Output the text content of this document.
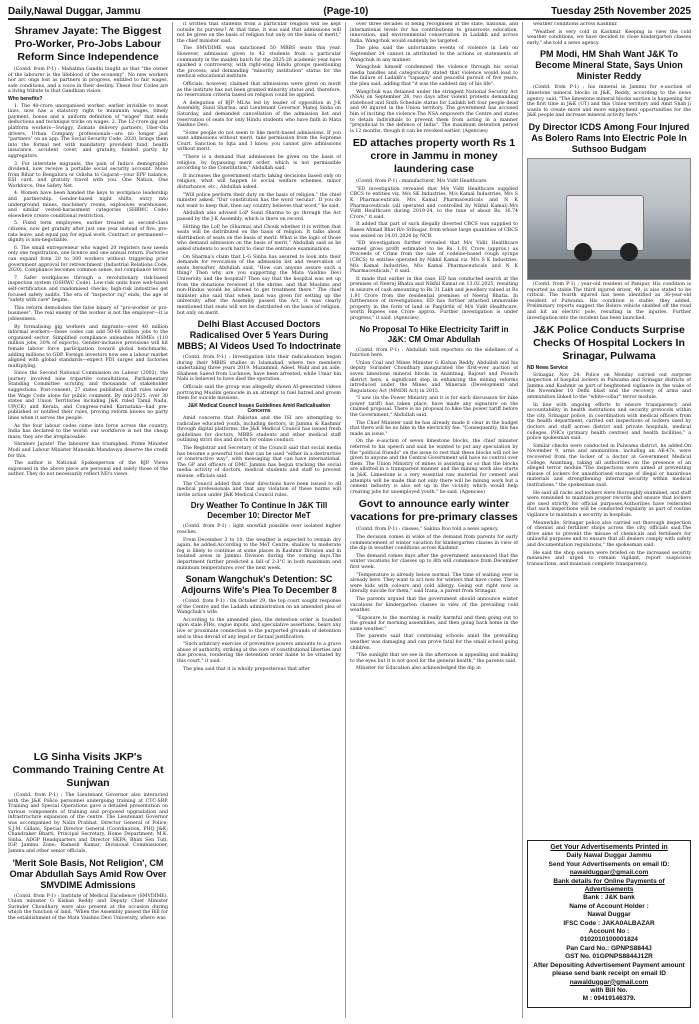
Daily,Nawal Duggar, Jammu	(Page-10)	Tuesday 25th November 2025
Shramev Jayate: The Biggest Pro-Worker, Pro-Jobs Labour Reform Since Independence

(Contd. from P-1) : Mahatma Gandhi taught us that "the owner of the labourer is the lifeblood of the economy". No new workers nor arc ongs lost as partners in progress, entitled to fair wages, safe conditions, and a voice in their destiny. These four Codes are a living tribute to that Gandhian vision.

Who benefits?

1. The 40-crore unorganised worker: earlier invisible to most laws, now has a statutory right to minimum wages, timely payment, bonus and a uniform definition of "wages" that ends deductions and technique tricks on wages. 2. The 12-crore gig and platform workers—Swiggy, Zomato delivery partners, Uber-Ola drivers, Urban Company professionals—are no longer just "partners" on an app. The Social Security Code, 2020, brings them into the formal net with mandatory provident fund, health insurance, accident cover, and gratuity, funded partly by aggregators.

3. For interstate migrants, the pain of India's demographic dividend, now receive a portable social security account. Move from Bihar to Bengaluru or Odisha to Gujarat—your EPF balance, ESI card, and gratuity travel with you. One Nation, One Workforce, One Safety Net.

4. Women have been handed the keys to workplace leadership and partnership. Gender-based night shifts, entry into underground mines, machinery rooms, explosives warehouses, and similar vested-harassment categories (SHRWC Code) elsewhere create conditional restriction.

5. Fixed term employees, earlier treated as second-class citizens, now get gratuity after just one year instead of five, pro-rata leave, and equal pay for equal work. Contract or permanent—dignity is non-negotiable.

6. The small entrepreneur who waged 20 registers now needs only one registration, one licence and one annual return. Factories can expand from 20 to 300 workers without triggering prior government approval for retrenchment (Industrial Relations Code, 2020). Compliance becomes common sense, not compliance terror.

7. Safer workplaces through a revolutionary risk-based inspection system (OSHWC Code). Low-risk units have web-based self-certification and randomised checks; high-risk industries get focused safety audits. The era of "inspector raj" ends; the age of "safety with care" begins.

This reform demolishes the false binary of "pro-worker or pro-business". The real enemy of the worker is not the employer—it is joblessness.

By formalising gig workers and migrants—over 40 million informal workers—these codes can add 50-60 million jobs to the organised sector. Simplified compliance unleashes MSMEs (110 million jobs, 30% of exports). Gender-inclusive provisions will hit female labour force participation toward global benchmarks, adding millions to GDP. Foreign investors now see a labour market aligned with global standards—expect FDI surges and factories multiplying.

Since the Second National Commission on Labour (2002), the journey involved nine tripartite consultations, Parliamentary Standing Committee scrutiny, and thousands of stakeholder suggestions. Post-consent, 27 states published draft rules under the Wage Code alone for public comment. By mid-2025, over 30 states and Union Territories including J&K ruled Tamil Nadu, UP(CK) and Kerala, and Congress-ruled Karnataka—had pre-published or notified their rules, proving reform knows no party lines when it serves the people.

As the four labour codes come into force across the country, India has declared to the world: our workforce is not the cheap mass; they are the irreplaceable.

Shramev Jayate! The labourer has triumphed. Prime Minister Modi and Labour Minister Mansukh Mandaviya deserve the credit for this.

The author is National Spokesperson of the BJP. Views expressed in the above piece are personal and solely those of the author. They do not necessarily reflect ND's views.

LG Sinha Visits JKP's Commando Training Centre At Sunjwan

(Contd. from P-1) : The Lieutenant Governor also interacted with the J&K Police personnel undergoing training at CTC-SRP. Training and Special Operations gave a detailed presentation on various components of training and proposed upgradation and infrastructure expansion of the centre. The Lieutenant Governor was accompanied by Nalin Prabhat, Director General of Police; S.J.M. Gillani, Special Director General (Coordination, PHQ J&K; Chandraker Bharti, Principal Secretary, Home Department; M.K. Sinha, ADGP Headquarters and Director SKPA; Bhim Sen Tuti, IGP, Jammu Zone; Ramesh Kumar, Divisional Commissioner, Jammu and other senior officials.

'Merit Sole Basis, Not Religion', CM Omar Abdullah Says Amid Row Over SMVDIME Admissions

(Contd. from P-1) : Institute of Medical Excellence (SMVDIME). Union minister G Kishan Reddy and Deputy Chief Minister Surinder Choudhary were also present at the occasion during which the function of land. "When the Assembly passed the Bill for the establishment of the Mata Vaishno Devi University, where was

it written that students from a particular religion will be kept outside its purview? At that time, it was said that admissions will not be given on the basis of religion but only on the basis of merit," the chief minister said.

The SMVDIME was sanctioned 50 MBBS seats this year. However, admission given to 42 students from a particular community in the maiden batch for the 2025-26 academic year have sparked a controversy, with right-wing Hindu groups questioning the process, and demanding "minority institution" status for the medical educational institute.

Officials, however, claimed that admissions were given on merit as the institute has not been granted minority status and, therefore, no reservation criteria based on religion could be applied.

A delegation of BJP MLAs led by leader of opposition in J-K Assembly, Sunil Sharma, and Lieutenant Governor Manoj Sinha on Saturday, and demanded cancellation of the admission list and reservation of seats for only Hindu students who have faith in Mata Vaishno Devi.

"Some people do not seem to like merit-based admissions. If you want admissions without merit, take permission from the Supreme Court. Sanction to Iqta and I know, you cannot give admissions without merit.

"There is a demand that admissions be given on the basis of religion, by bypassing merit order, which is not permissible according to the Constitution," Abdullah said.

It increases the government starts taking decisions based only on religion, what will happen to social welfare schemes, minor disturbance, etc., Abdullah asked.

"Will police perform their duty on the basis of religion," the chief minister asked. "Our constitution has the word 'secular'. If you do not want to keep that, then say country believes that word," he said.

Abdullah also advised LoP Sunil Sharma to go through the Act passed by the J-K Assembly, which is there on record.

Hitting the LoP, he (Sharma) and Chouk whether it is written that seats will be distributed on the basis of religion. It talks about distribution of seats on the basis of merit. What is the logic of those who demand admission on the basis of merit," Abdullah said as he asked students to work hard to clear the entrance examinations.

On Sharma's claim that L-G Sinha has assured to look into their demands for revocation of the admission list and reservation of seats hereafter, Abdullah said, "How can anyone assure such a thing? Then why are you supporting the Mata Vaishno Devi University and the hospital? Then say that the hospital was set up from the donations received at the shrine, and that Muslims and non-Hindus would be allowed to get treatment there." The chief minister also said that when land was given for setting up the university after the Assembly passed the Act, it was clearly mentioned that seats will not be distributed on the basis of religion, but only on merit.

Delhi Blast Accused Doctors Radicalised Over 5 Years During MBBS; AI Videos Used To Indoctrinate

(Contd. from P-1) : Investigation into their radicalisation began during their MBBS studies in Islamabad, where two members undertaking three years 2019. Muzammil, Adeel, Wahi and an aide, Shaheen Saeed from Lucknow, have been arrested, while Umar bin Nabi is believed to have died the operation.

Officials said the group was allegedly shown AI-generated videos portraying Muslim genocide in an attempt to fuel hatred and groom them for suicide missions.

J&K Medical Council Issues Guidelines Amid Radicalisation Concerns

Amid concerns that Pakistan and the ISI are attempting to radicalise educated youth, including doctors, in Jammu & Kashmir through digital platforms, the J&K Medical Council has issued fresh guidelines for doctors, MBBS students and other medical staff outlining strict dos and don'ts for online conduct.

The Registrar and Secretary of the Council said that social media has become a powerful tool that can be used "either in a destructive or constructive way", with messaging that can have international. The GP and officers of DMC Jammu has begun tracking the social media activity of doctors, medical students and staff to prevent misuse, officials said.

The Council added that clear directions have been issued to all medical professionals and that any violation of these norms will invite action under J&K Medical Council rules.

Dry Weather To Continue In J&K Till December 10: Director MeT

(Contd. from P-1) : light snowfall possible over isolated higher reaches.

From December 3 to 10, the weather is expected to remain dry again, he added.According to the MeT Centre, shallow to moderate fog is likely to continue at some places in Kashmir Division and in isolated areas in Jammu Division during the coming days.The department further predicted a fall of 2-3°C in both maximum and minimum temperatures over the next week.

Sonam Wangchuk's Detention: SC Adjourns Wife's Plea To December 8

(Contd. from P-1) : On October 29, the top court sought response of the Centre and the Ladakh administration on an amended plea of Wangchuk's wife.

According to the amended plea, the detention order is founded upon stale FIRs, vague inputs, and speculative assertions, bears any live or proximate connection to the purported grounds of detention and is thus devoid of any legal or factual justification.

"Such arbitrary exercise of preventive powers amounts to a grave abuse of authority, striking at the core of constitutional liberties and due process, rendering the detention order liable to be vitiated by this court," it said.

The plea said that it is wholly preposterous that after

over three decades of being recognised at the state, national, and international levels for his contributions to grassroots education, innovation, and environmental conservation in Ladakh and across India, Wangchuk would suddenly be targeted.

The plea said the unfortunate events of violence in Leh on September 24 cannot in attributed to the actions or statements of Wangchuk in any manner.

Wangchuk himself condemned the violence through his social media handles and categorically stated that violence would lead to the failure of Ladakh's "tapasya" and peaceful pursuit of five years, the plea said, adding that "it was the saddest day of his life".

Wangchuk was detained under the stringent National Security Act (NSA) on September 26, two days after violent protests demanding statehood and Sixth Schedule status for Ladakh left four people dead and 90 injured in the Union territory. The government has accused him of inciting the violence.The NSA empowers the Centre and states to detain individuals to prevent them from acting in a manner "prejudicial to the defence of India". The maximum detention period is 12 months, though it can be revoked earlier. (Agencies)

ED attaches property worth Rs 1 crore in Jammu in money laundering case

(Contd. from P-1) : manufacturer, M/s Vidit Healthcare.

"ED investigation revealed that M/s Vidit Healthcare supplied CBCS to entities viz. M/s SK Industries, M/s Kamal Industries, M/s S K Pharmaceuticals, M/s Kamal Pharmaceuticals and N K Pharmaceuticals (all operated and controlled by Nikhil Kamal).M/s Vidit Healthcare during 2019-24, to the tune of about Rs. 16.74 Crore," it said.

It added that part of such illegally diverted CBCS was supplied to Raees Ahmad Bhat R/o Srinagar, from whose large quantities of CBCS was seized on 14.01.2024 by NCB.

"ED investigation further revealed that M/s Vidit Healthcare earned gross profit estimated to be Rs. 1.01 Crore (approx.) as Proceeds of Crime from the sale of codeine-based cough syrups (CBCS) to entities operated by Nikhil Kamal viz. M/s S K Industries, M/s Kamal Industries, M/s Kamal Pharmaceuticals and N K Pharmaceuticals," it said.

It made that earlier in this case, ED has conducted search at the premises of Neeraj Bhatia and Nikhil Kamal on 13.02.2025, resulting in seizure of cash amounting to Rs 31 Lakh and jewellery valued at Rs 1.91 Crore from the residential premises of Neeraj Bhatia. In furtherance of investigations, ED has further attached immovable property in the form of land in Panjtirthi of M/s Vidit Healthcare, worth Rupees one Crore approx. Further investigation is under progress," it said. (Agencies)

No Proposal To Hike Electricity Tariff in J&K: CM Omar Abdullah

(Contd. from P-1) : Abdullah told reporters on the sidelines of a function here.

Union Coal and Mines Minister G Kishan Reddy, Abdullah and his deputy Surinder Choudhary inaugurated the first-ever auction of seven limestone mineral blocks in Anantnag, Rajouri and Poonch district here, a significant step in enhancing the mining reforms introduced under the Mines and Minerals (Development and Regulation) Act (MMDR Act) in 2015.

"I saw (in the Power Ministry and it is for each discussion for hike power tariff) has taken place, have made any signature on the claimed proposal. There is no proposal to hike the power tariff before the Government," Abdullah said.

The Chief Minister said he has already made it clear in the budget that there will be no hike in the electricity fee. "Consequently, this has made an issue."

On the e-auction of seven limestone blocks, the chief minister referred to his speech and said he wanted to put any speculation by the "political friends" on the issue to rest that these blocks will not be given to anyone and the Central Government will have no control over them. The Union Ministry of mines is assisting us so that the blocks are allotted in a transparent manner and the mining work also starts in J&K. Limestone is a very essential raw material for cement and attempts will be made that not only there will be mining work but a cement industry is also set up in the vicinity which would help creating jobs for unemployed youth," he said. (Agencies)

Govt to announce early winter vacations for pre-primary classes

(Contd. from P-1) : classes," Sakina Itoo told a news agency.

The decision comes in wake of the demand from parents for early commencement of winter vacation for kindergarten classes in view of the dip in weather conditions across Kashmir.

The demand comes days after the government announced that the winter vacations for classes up to 8th will commence from December first week.

"Temperature is already below normal. The time of waiting over is already here. They want to act now for winters that have come. There were kids with colours and cold allergy. Going out right now is literally suicide for them," said Irana, a parent from Srinagar.

The parents argued that the government should announce winter vacations for kindergarten classes in view of the prevailing cold weather.

"Exposure to the morning is really harmful and then going out to the ground for morning assemblies, and then going back home in the same weather."

The parents said that continuing schools amid the prevailing weather was damaging and can prove fatal for the small school going children.

"The sunlight that we see in the afternoon is appealing and making to the eyes but it is not good for the general health," the parents said.

Minister for Education also acknowledged the dip in

weather conditions across Kashmir.

"Weather is very cold in Kashmir. Keeping in view the cold weather conditions, we have decided to close kindergarten classes early," she told a news agency.

PM Modi, HM Shah Want J&K To Become Mineral State, Says Union Minister Reddy

(Contd. from P-1) : his mineral in Jammu for e-auction of limestone mineral blocks in J&K, Reddy, according to the news agency, said, "The limestone mineral blocks auction is happening for the first time in J&K (UT) and this Union territory and Amit Shah ji wants to create more and more employment opportunities for the J&K people and increase mineral activity here."

Dy Director ICDS Among Four Injured As Bolero Rams Into Electric Pole In Suthsoo Budgam

(Contd. from P-1) : year-old resident of Panipur, His condition is reported as stable.The third injured driver, 49, is also stated to be critical. The fourth injured has been identified as 36-year-old resident of Pulwama. His condition is stable, they added. Preliminary reports suggest the Bolero vehicle skidded off the road and hit an electric pole, resulting in the injuries. Further investigation into the incident has been launched.

J&K Police Conducts Surprise Checks Of Hospital Lockers In Srinagar, Pulwama
ND News Service

Srinagar, Nov 24: Police on Monday carried out surprise inspection of hospital lockers in Pulwama and Srinagar districts of Jammu and Kashmir as part of heightened vigilance in the wake of the November 10 Delhi blast and the recovery of arms and ammunition linked to the "white-collar" terror module.

In line with ongoing efforts to ensure transparency and accountability in health institutions and security protocols within the city, Srinagar police, in coordination with medical officers from the health department, carried out inspections of lockers used by doctors and staff across district and private hospitals, medical colleges, PHCs (primary health centres) and health facilities," a police spokesman said.

Similar checks were conducted in Pulwama district, he added.On November 9, arms and ammunition, including an AK-47s, were recovered from the locker of a doctor at Government Medical College, Anantnag, taking all authorities on the presence of an alleged terror module."The inspections were aimed at preventing misuse of lockers for unauthorised storage of illegal or hazardous materials and strengthening internal security within medical institutions," the spokesman said.

He said all racks and lockers were thoroughly examined, and staff were reminded to maintain proper records and ensure that lockers are used strictly for official purposes.Authorities have reiterated that such inspections will be conducted regularly as part of routine vigilance to maintain a security in hospitals.

Meanwhile, Srinagar police also carried out thorough inspection of chemist and fertiliser shops across the city, officials said.The drive aims to prevent the misuse of chemicals and fertilisers for unlawful purposes and to ensure that all dealers comply with safety and documentation regulations," the spokesman said.

He said the shop owners were briefed on the increased security measures and urged to remain vigilant, report suspicious transactions, and maintain complete transparency.

Get Your Advertisements Printed in
Daily Nawal Duggar Jammu
Send Your Advertisements on email ID:
nawalduggar@gmail.com
Bank details for Online Payments of Advertisements
Bank : J&K bank
Name of Account Holder :
Nawal Duggar
IFSC Code : JAKA0ALBAZAR
Account No :
0102010100001824
Pan Card No.: GPNPS8844J
GST No. 01GPNPS8844J1ZR
After Depositing Advertisement Payment amount please send bank receipt on email ID
nawalduggar@gmail.com
with Bill No.
M : 09419146379.
